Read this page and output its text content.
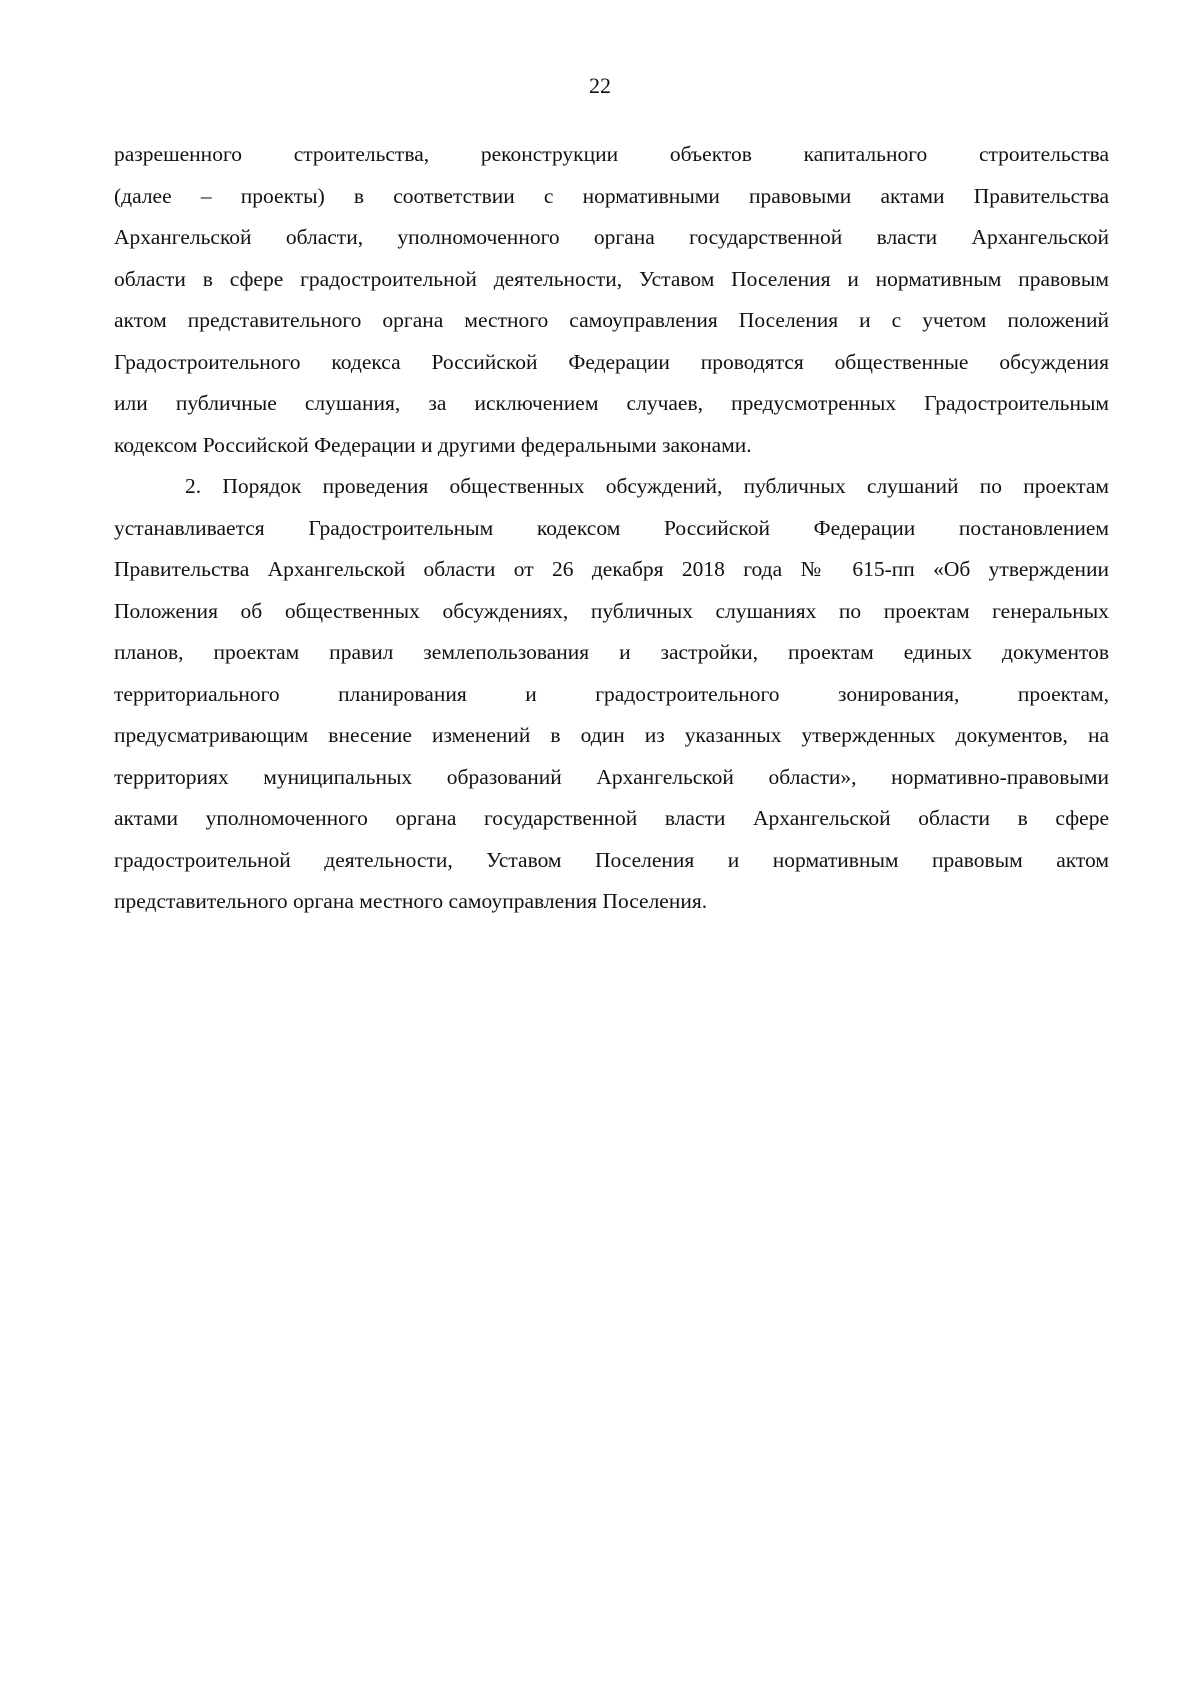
22
разрешенного строительства, реконструкции объектов капитального строительства
(далее – проекты) в соответствии с нормативными правовыми актами Правительства
Архангельской области, уполномоченного органа государственной власти Архангельской
области в сфере градостроительной деятельности, Уставом Поселения и нормативным правовым
актом представительного органа местного самоуправления Поселения и с учетом положений
Градостроительного кодекса Российской Федерации проводятся общественные обсуждения
или публичные слушания, за исключением случаев, предусмотренных Градостроительным
кодексом Российской Федерации и другими федеральными законами.
2. Порядок проведения общественных обсуждений, публичных слушаний по проектам
устанавливается Градостроительным кодексом Российской Федерации постановлением
Правительства Архангельской области от 26 декабря 2018 года № 615-пп «Об утверждении
Положения об общественных обсуждениях, публичных слушаниях по проектам генеральных
планов, проектам правил землепользования и застройки, проектам единых документов
территориального планирования и градостроительного зонирования, проектам,
предусматривающим внесение изменений в один из указанных утвержденных документов, на
территориях муниципальных образований Архангельской области», нормативно-правовыми
актами уполномоченного органа государственной власти Архангельской области в сфере
градостроительной деятельности, Уставом Поселения и нормативным правовым актом
представительного органа местного самоуправления Поселения.
